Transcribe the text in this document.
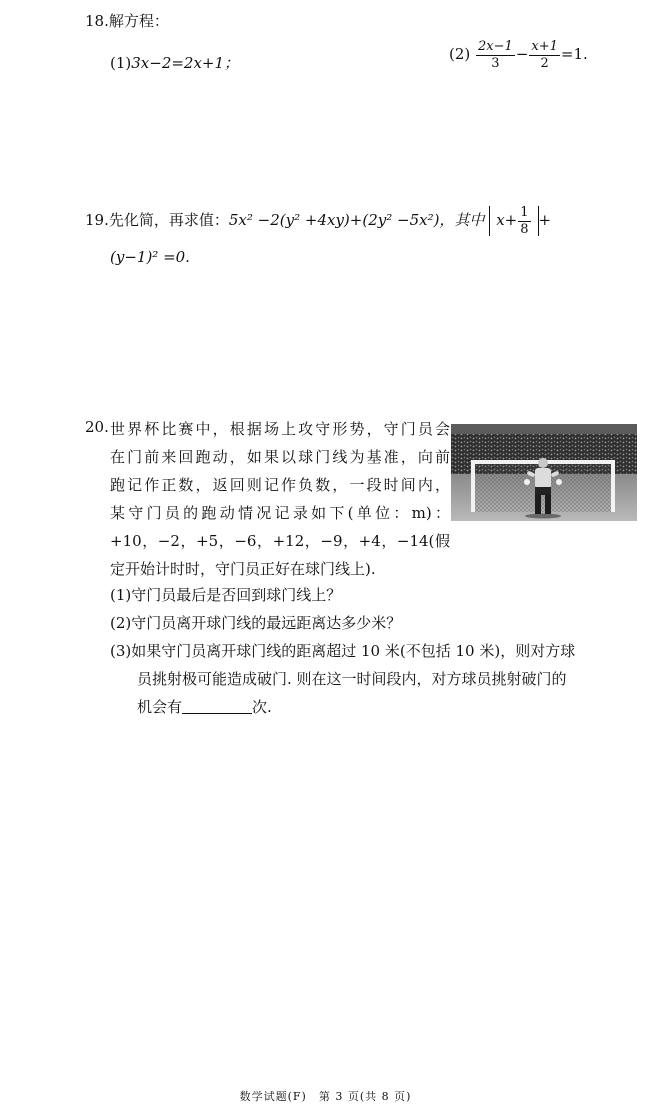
18.解方程：
(1)3x−2=2x+1；	$(2) \frac{2x-1}{3} - \frac{x+1}{2} =1$.
19.先化简，再求值：5x² −2(y² +4xy)+(2y² −5x²)，其中 $x+ \frac{1}{8}$ +
(y−1)² =0.
20. 世界杯比赛中，根据场上攻守形势，守门员会
在门前来回跑动，如果以球门线为基准，向前
跑记作正数，返回则记作负数，一段时间内，
某守门员的跑动情况记录如下(单位：m)：
+10，−2，+5，−6，+12，−9，+4，−14(假
定开始计时时，守门员正好在球门线上).
(1)守门员最后是否回到球门线上？
(2)守门员离开球门线的最远距离达多少米？
(3)如果守门员离开球门线的距离超过 10 米(不包括 10 米)，则对方球
员挑射极可能造成破门. 则在这一时间段内，对方球员挑射破门的
机会有	次.
数学试题(F)　第 3 页(共 8 页)
